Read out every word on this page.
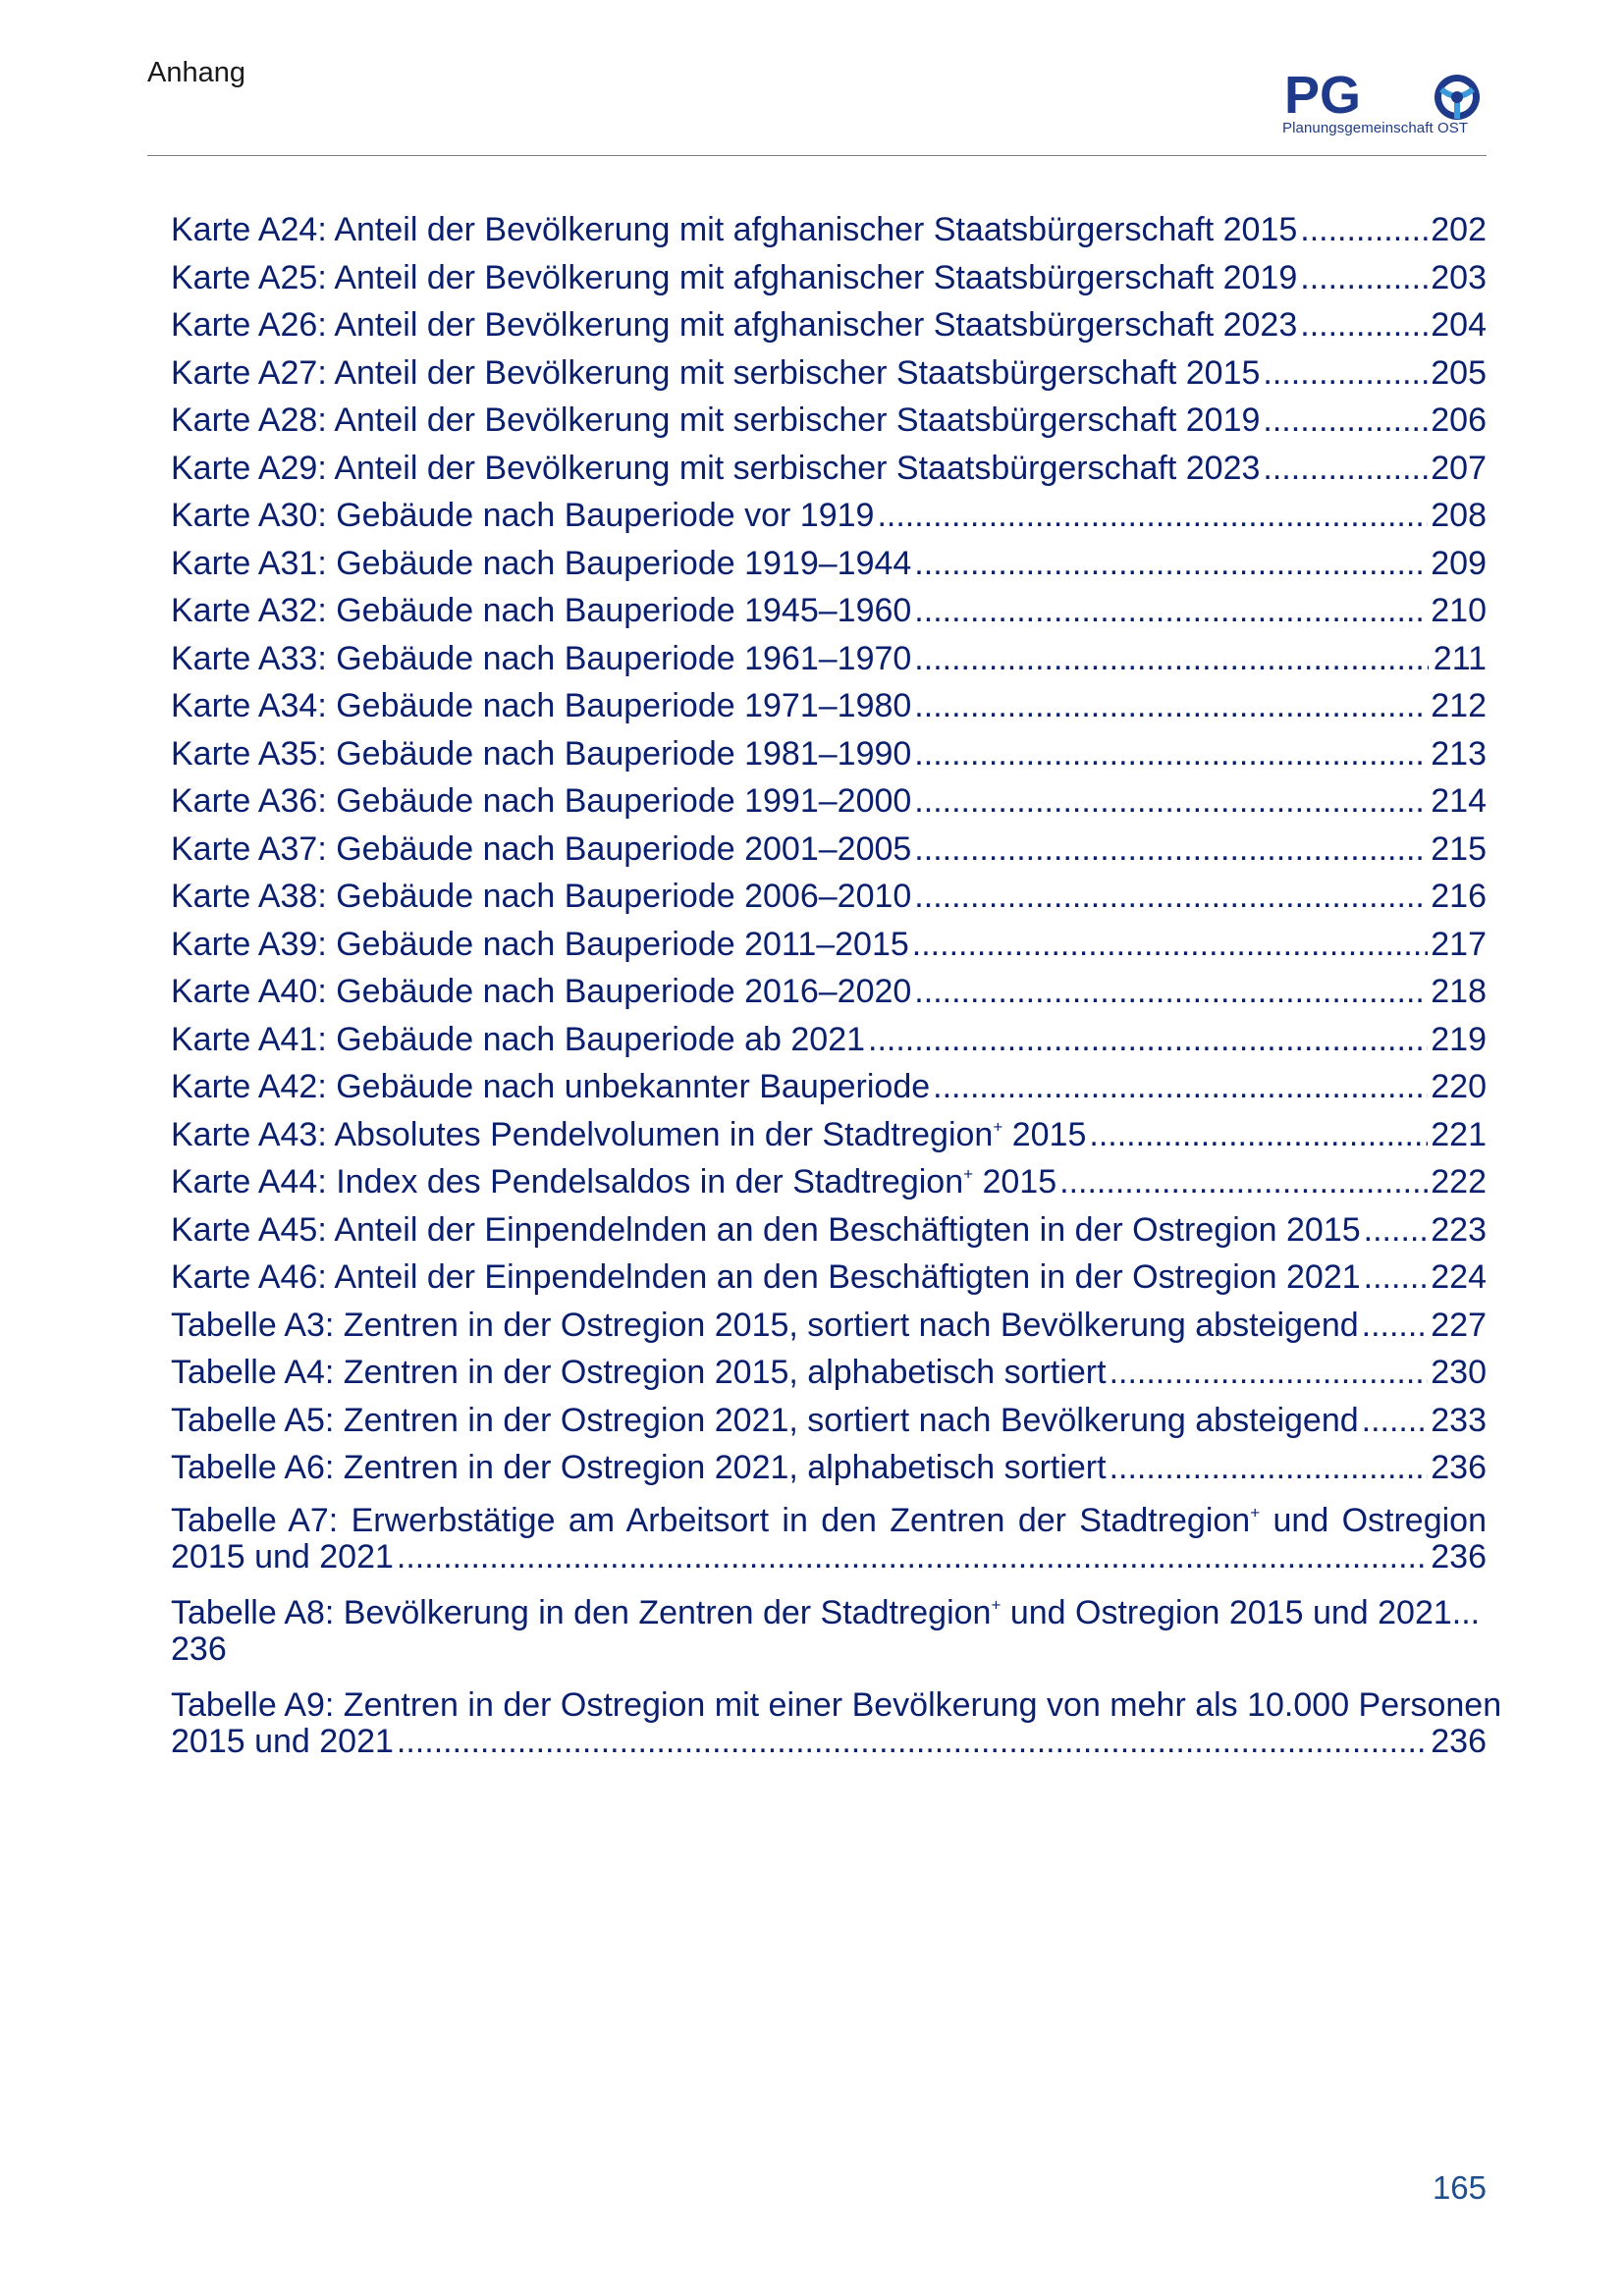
Anhang	PG
Planungsgemeinschaft OST
Karte A24: Anteil der Bevölkerung mit afghanischer Staatsbürgerschaft 2015 .....	202
Karte A25: Anteil der Bevölkerung mit afghanischer Staatsbürgerschaft 2019 .....	203
Karte A26: Anteil der Bevölkerung mit afghanischer Staatsbürgerschaft 2023 .....	204
Karte A27: Anteil der Bevölkerung mit serbischer Staatsbürgerschaft 2015 .....	205
Karte A28: Anteil der Bevölkerung mit serbischer Staatsbürgerschaft 2019 .....	206
Karte A29: Anteil der Bevölkerung mit serbischer Staatsbürgerschaft 2023 .....	207
Karte A30: Gebäude nach Bauperiode vor 1919 .....	208
Karte A31: Gebäude nach Bauperiode 1919–1944 .....	209
Karte A32: Gebäude nach Bauperiode 1945–1960 .....	210
Karte A33: Gebäude nach Bauperiode 1961–1970 .....	211
Karte A34: Gebäude nach Bauperiode 1971–1980 .....	212
Karte A35: Gebäude nach Bauperiode 1981–1990 .....	213
Karte A36: Gebäude nach Bauperiode 1991–2000 .....	214
Karte A37: Gebäude nach Bauperiode 2001–2005 .....	215
Karte A38: Gebäude nach Bauperiode 2006–2010 .....	216
Karte A39: Gebäude nach Bauperiode 2011–2015 .....	217
Karte A40: Gebäude nach Bauperiode 2016–2020 .....	218
Karte A41: Gebäude nach Bauperiode ab 2021 .....	219
Karte A42: Gebäude nach unbekannter Bauperiode .....	220
Karte A43: Absolutes Pendelvolumen in der Stadtregion+ 2015 .....	221
Karte A44: Index des Pendelsaldos in der Stadtregion+ 2015 .....	222
Karte A45: Anteil der Einpendelnden an den Beschäftigten in der Ostregion 2015 ..... 223
Karte A46: Anteil der Einpendelnden an den Beschäftigten in der Ostregion 2021 ..... 224
Tabelle A3: Zentren in der Ostregion 2015, sortiert nach Bevölkerung absteigend ..... 227
Tabelle A4: Zentren in der Ostregion 2015, alphabetisch sortiert .....	230
Tabelle A5: Zentren in der Ostregion 2021, sortiert nach Bevölkerung absteigend ..... 233
Tabelle A6: Zentren in der Ostregion 2021, alphabetisch sortiert .....	236
Tabelle A7: Erwerbstätige am Arbeitsort in den Zentren der Stadtregion+ und Ostregion
2015 und 2021 .....	236
Tabelle A8: Bevölkerung in den Zentren der Stadtregion+ und Ostregion 2015 und 2021...
236
Tabelle A9: Zentren in der Ostregion mit einer Bevölkerung von mehr als 10.000 Personen
2015 und 2021 .....	236
165
